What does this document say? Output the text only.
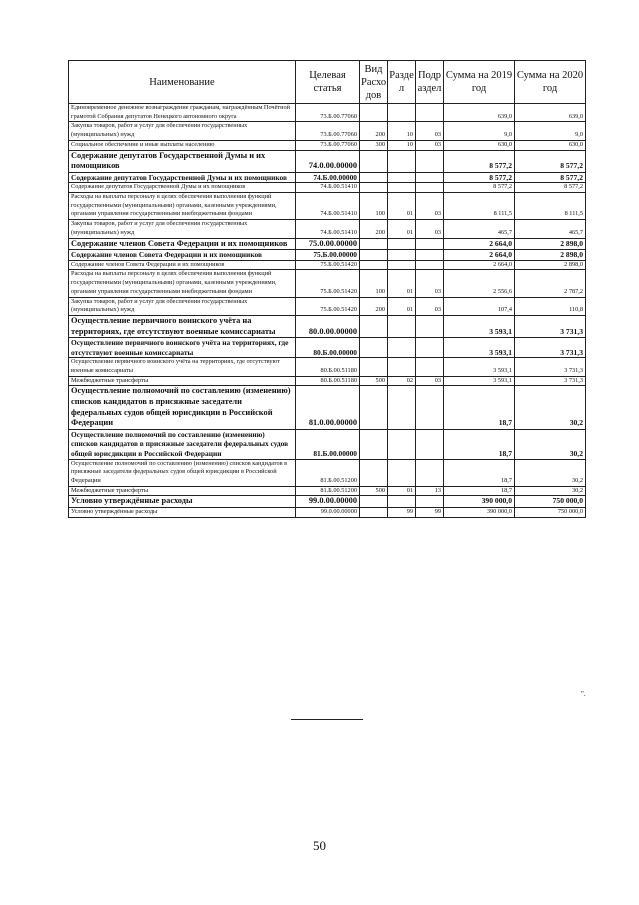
Наименование	Целевая статья	Вид Расхо дов	Разде л	Подр аздел	Сумма на 2019 год	Сумма на 2020 год
Единовременное денежное вознаграждение гражданам, награждённым Почётной грамотой Собрания депутатов Ненецкого автономного округа	73.Б.00.77060				639,0	639,0
Закупка товаров, работ и услуг для обеспечения государственных (муниципальных) нужд	73.Б.00.77060	200	10	03	9,0	9,0
Социальное обеспечение и иные выплаты населению	73.Б.00.77060	300	10	03	630,0	630,0
Содержание депутатов Государственной Думы и их помощников	74.0.00.00000				8 577,2	8 577,2
Содержание депутатов Государственной Думы и их помощников	74.Б.00.00000				8 577,2	8 577,2
Содержание депутатов Государственной Думы и их помощников	74.Б.00.51410				8 577,2	8 577,2
Расходы на выплаты персоналу в целях обеспечения выполнения функций государственными (муниципальными) органами, казенными учреждениями, органами управления государственными внебюджетными фондами	74.Б.00.51410	100	01	03	8 111,5	8 111,5
Закупка товаров, работ и услуг для обеспечения государственных (муниципальных) нужд	74.Б.00.51410	200	01	03	465,7	465,7
Содержание членов Совета Федерации и их помощников	75.0.00.00000				2 664,0	2 898,0
Содержание членов Совета Федерации и их помощников	75.Б.00.00000				2 664,0	2 898,0
Содержание членов Совета Федерации и их помощников	75.Б.00.51420				2 664,0	2 898,0
Расходы на выплаты персоналу в целях обеспечения выполнения функций государственными (муниципальными) органами, казенными учреждениями, органами управления государственными внебюджетными фондами	75.Б.00.51420	100	01	03	2 556,6	2 787,2
Закупка товаров, работ и услуг для обеспечения государственных (муниципальных) нужд	75.Б.00.51420	200	01	03	107,4	110,8
Осуществление первичного воинского учёта на территориях, где отсутствуют военные комиссариаты	80.0.00.00000				3 593,1	3 731,3
Осуществление первичного воинского учёта на территориях, где отсутствуют военные комиссариаты	80.Б.00.00000				3 593,1	3 731,3
Осуществление первичного воинского учёта на территориях, где отсутствуют военные комиссариаты	80.Б.00.51180				3 593,1	3 731,3
Межбюджетные трансферты	80.Б.00.51180	500	02	03	3 593,1	3 731,3
Осуществление полномочий по составлению (изменению) списков кандидатов в присяжные заседатели федеральных судов общей юрисдикции в Российской Федерации	81.0.00.00000				18,7	30,2
Осуществление полномочий по составлению (изменению) списков кандидатов в присяжные заседатели федеральных судов общей юрисдикции в Российской Федерации	81.Б.00.00000				18,7	30,2
Осуществление полномочий по составлению (изменению) списков кандидатов в присяжные заседатели федеральных судов общей юрисдикции в Российской Федерации	81.Б.00.51200				18,7	30,2
Межбюджетные трансферты	81.Б.00.51200	500	01	13	18,7	30,2
Условно утверждённые расходы	99.0.00.00000				390 000,0	750 000,0
Условно утверждённые расходы	99.0.00.00000		99	99	390 000,0	750 000,0
".
50
